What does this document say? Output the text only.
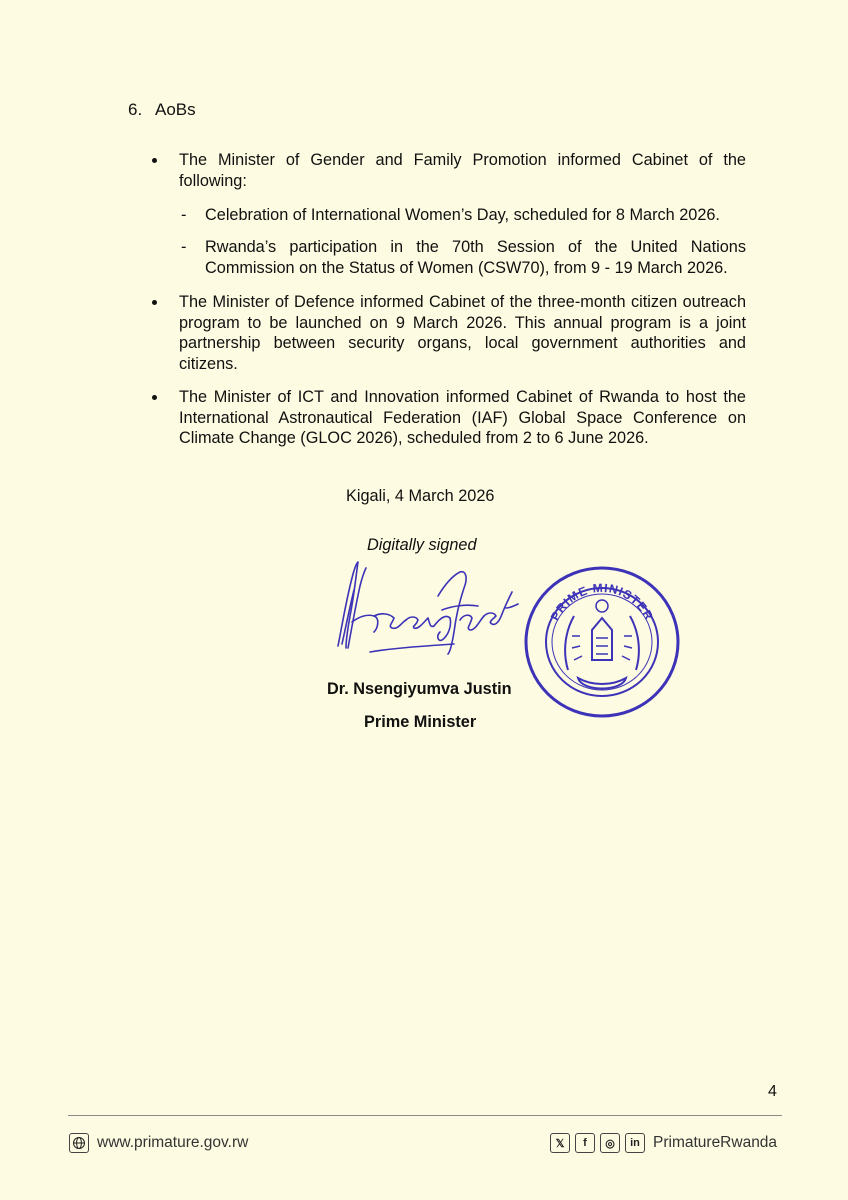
6. AoBs
The Minister of Gender and Family Promotion informed Cabinet of the following:
- Celebration of International Women’s Day, scheduled for 8 March 2026.
- Rwanda’s participation in the 70th Session of the United Nations Commission on the Status of Women (CSW70), from 9 - 19 March 2026.
The Minister of Defence informed Cabinet of the three-month citizen outreach program to be launched on 9 March 2026. This annual program is a joint partnership between security organs, local government authorities and citizens.
The Minister of ICT and Innovation informed Cabinet of Rwanda to host the International Astronautical Federation (IAF) Global Space Conference on Climate Change (GLOC 2026), scheduled from 2 to 6 June 2026.
Kigali, 4 March 2026
Digitally signed
PRIME MINISTER
Dr. Nsengiyumva Justin
Prime Minister
4
www.primature.gov.rw	𝕏	f	◎	in PrimatureRwanda
